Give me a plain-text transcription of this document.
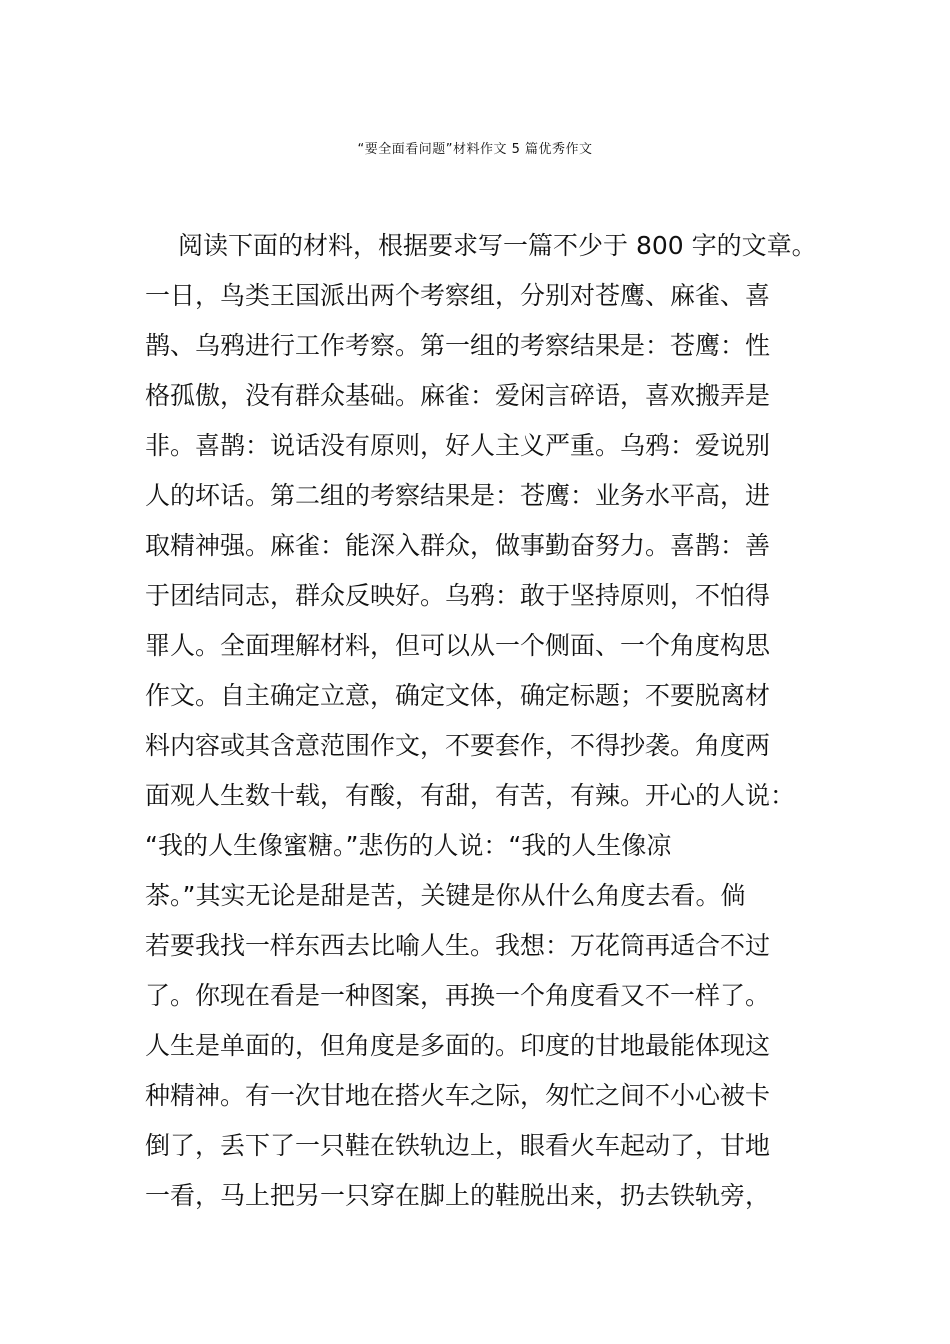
“要全面看问题”材料作文 5 篇优秀作文
阅读下面的材料，根据要求写一篇不少于 800 字的文章。
一日，鸟类王国派出两个考察组，分别对苍鹰、麻雀、喜
鹊、乌鸦进行工作考察。第一组的考察结果是：苍鹰：性
格孤傲，没有群众基础。麻雀：爱闲言碎语，喜欢搬弄是
非。喜鹊：说话没有原则，好人主义严重。乌鸦：爱说别
人的坏话。第二组的考察结果是：苍鹰：业务水平高，进
取精神强。麻雀：能深入群众，做事勤奋努力。喜鹊：善
于团结同志，群众反映好。乌鸦：敢于坚持原则，不怕得
罪人。全面理解材料，但可以从一个侧面、一个角度构思
作文。自主确定立意，确定文体，确定标题；不要脱离材
料内容或其含意范围作文，不要套作，不得抄袭。角度两
面观人生数十载，有酸，有甜，有苦，有辣。开心的人说：
“我的人生像蜜糖。”悲伤的人说：“我的人生像凉
茶。”其实无论是甜是苦，关键是你从什么角度去看。倘
若要我找一样东西去比喻人生。我想：万花筒再适合不过
了。你现在看是一种图案，再换一个角度看又不一样了。
人生是单面的，但角度是多面的。印度的甘地最能体现这
种精神。有一次甘地在搭火车之际，匆忙之间不小心被卡
倒了，丢下了一只鞋在铁轨边上，眼看火车起动了，甘地
一看，马上把另一只穿在脚上的鞋脱出来，扔去铁轨旁，
